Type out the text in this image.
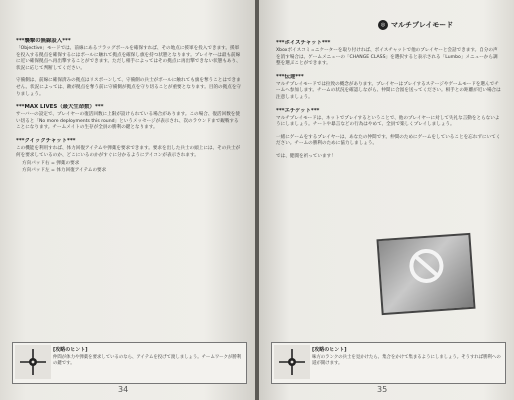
***襲撃の無線設入***

「Objective」モードでは、前線にあるフラッグポールを確保すれば、その地点に援軍を投入できます。援軍を投入する拠点を確保するにはポールに触れて拠点を確保し旗を持つ状態となります。プレイヤーは最も前線に近い確保拠点へ再出撃することができます。ただし相手によってはその拠点に再出撃できない状態もあり、状況に応じて判断してください。

守備側は、前線に確保済みの拠点はリスポーンして、守備側の兵士がポールに触れても旗を奪うことはできません。状況によっては、敵が拠点を奪う前に守備側が拠点を守り切ることが重要となります。目的の拠点を守りましょう。

***MAX LIVES（最大生命数）***

サーバーの設定で、プレイヤーの復活回数に上限が設けられている場合があります。この場合、復活回数を使い切ると「No more deployments this round」というメッセージが表示され、次のラウンドまで観戦することになります。チームメイトの生存が全員の勝利の鍵となります。

***クイックチャット***

この機能を利用すれば、体力回復アイテムや弾薬を要求できます。要求を出した兵士の頭上には、その兵士が何を要求しているのか、どこにいるのかがすぐに分かるようにアイコンが表示されます。

方向パッド右 = 弾薬の要求
方向パッド左 = 体力回復アイテムの要求
[攻略のヒント]
仲間が体力や弾薬を要求しているのなら、アイテムを投げて渡しましょう。チームワークが勝利の鍵です。
34
◎ マルチプレイモード
***ボイスチャット***

Xboxボイスコミュニケーターを取り付ければ、ボイスチャットで他のプレイヤーと会話できます。自分の声を消す場合は、ゲームメニューの「CHANGE CLASS」を選択すると表示される「Lumbo」メニューから調整を選ぶことができます。

***伝達***

マルチプレイモードでは拉致の概念があります。プレイヤーはプレイするステージやゲームモードを選んでチームへ参加します。チームの状況を確認しながら、仲間に合図を送ってください。相手との距離が近い場合は注意しましょう。

***エチケット***

マルチプレイモードは、ネットでプレイするということで、他のプレイヤーに対して失礼な言動をとらないようにしましょう。チートや暴言などの行為はやめて、全員で楽しくプレイしましょう。

一緒にゲームをするプレイヤーは、あなたの仲間です。仲間のためにゲームをしていることを忘れずにいてください。チームの勝利のために協力しましょう。

では、健闘を祈っています！

[攻略のヒント]
味方のランクの兵士を見かけたら、集合をかけて集まるようにしましょう。そうすれば勝利への道が開けます。
35
